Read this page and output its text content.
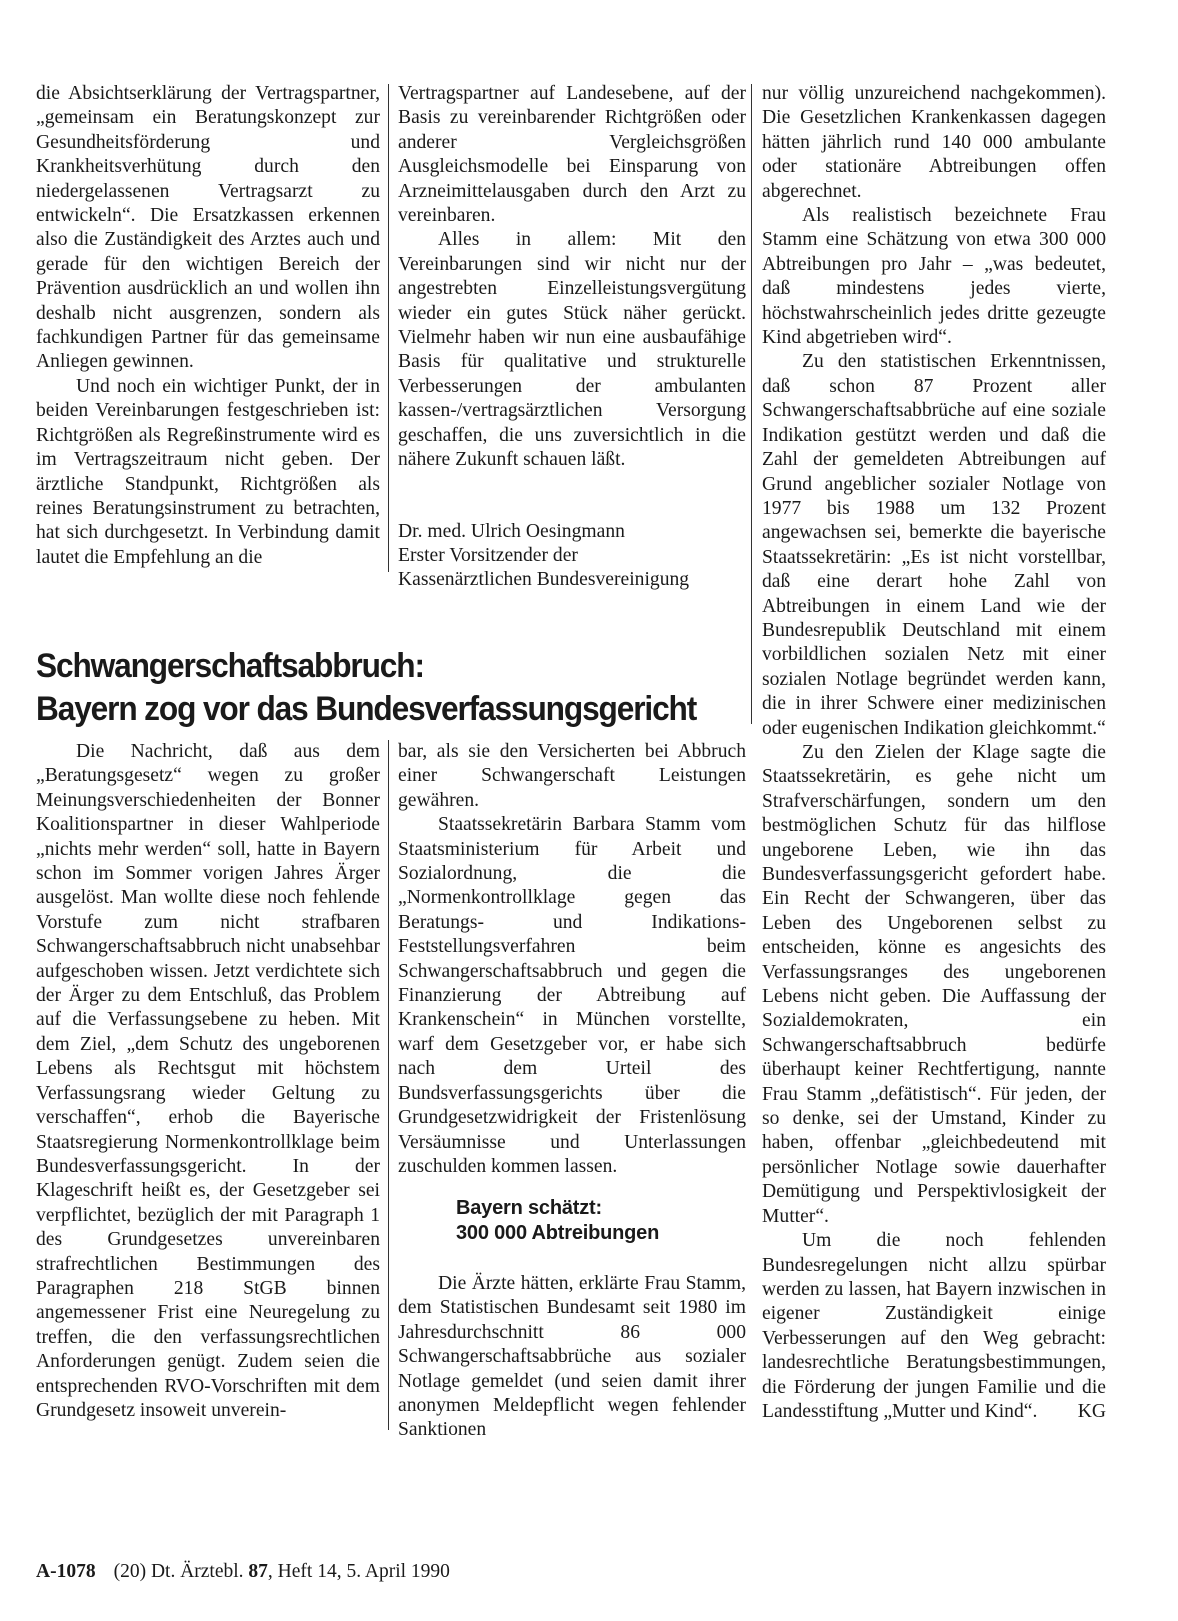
die Absichtserklärung der Vertragspartner, „gemeinsam ein Beratungskonzept zur Gesundheitsförderung und Krankheitsverhütung durch den niedergelassenen Vertragsarzt zu entwickeln“. Die Ersatzkassen erkennen also die Zuständigkeit des Arztes auch und gerade für den wichtigen Bereich der Prävention ausdrücklich an und wollen ihn deshalb nicht ausgrenzen, sondern als fachkundigen Partner für das gemeinsame Anliegen gewinnen.

Und noch ein wichtiger Punkt, der in beiden Vereinbarungen festgeschrieben ist: Richtgrößen als Regreßinstrumente wird es im Vertragszeitraum nicht geben. Der ärztliche Standpunkt, Richtgrößen als reines Beratungsinstrument zu betrachten, hat sich durchgesetzt. In Verbindung damit lautet die Empfehlung an die

Vertragspartner auf Landesebene, auf der Basis zu vereinbarender Richtgrößen oder anderer Vergleichsgrößen Ausgleichsmodelle bei Einsparung von Arzneimittelausgaben durch den Arzt zu vereinbaren.

Alles in allem: Mit den Vereinbarungen sind wir nicht nur der angestrebten Einzelleistungsvergütung wieder ein gutes Stück näher gerückt. Vielmehr haben wir nun eine ausbaufähige Basis für qualitative und strukturelle Verbesserungen der ambulanten kassen-/vertragsärztlichen Versorgung geschaffen, die uns zuversichtlich in die nähere Zukunft schauen läßt.

Dr. med. Ulrich Oesingmann
Erster Vorsitzender der
Kassenärztlichen Bundesvereinigung
Schwangerschaftsabbruch:
Bayern zog vor das Bundesverfassungsgericht

Die Nachricht, daß aus dem „Beratungsgesetz“ wegen zu großer Meinungsverschiedenheiten der Bonner Koalitionspartner in dieser Wahlperiode „nichts mehr werden“ soll, hatte in Bayern schon im Sommer vorigen Jahres Ärger ausgelöst. Man wollte diese noch fehlende Vorstufe zum nicht strafbaren Schwangerschaftsabbruch nicht unabsehbar aufgeschoben wissen. Jetzt verdichtete sich der Ärger zu dem Entschluß, das Problem auf die Verfassungsebene zu heben. Mit dem Ziel, „dem Schutz des ungeborenen Lebens als Rechtsgut mit höchstem Verfassungsrang wieder Geltung zu verschaffen“, erhob die Bayerische Staatsregierung Normenkontrollklage beim Bundesverfassungsgericht. In der Klageschrift heißt es, der Gesetzgeber sei verpflichtet, bezüglich der mit Paragraph 1 des Grundgesetzes unvereinbaren strafrechtlichen Bestimmungen des Paragraphen 218 StGB binnen angemessener Frist eine Neuregelung zu treffen, die den verfassungsrechtlichen Anforderungen genügt. Zudem seien die entsprechenden RVO-Vorschriften mit dem Grundgesetz insoweit unverein-

bar, als sie den Versicherten bei Abbruch einer Schwangerschaft Leistungen gewähren.

Staatssekretärin Barbara Stamm vom Staatsministerium für Arbeit und Sozialordnung, die die „Normenkontrollklage gegen das Beratungs- und Indikations-Feststellungsverfahren beim Schwangerschaftsabbruch und gegen die Finanzierung der Abtreibung auf Krankenschein“ in München vorstellte, warf dem Gesetzgeber vor, er habe sich nach dem Urteil des Bundsverfassungsgerichts über die Grundgesetzwidrigkeit der Fristenlösung Versäumnisse und Unterlassungen zuschulden kommen lassen.

Bayern schätzt:
300 000 Abtreibungen

Die Ärzte hätten, erklärte Frau Stamm, dem Statistischen Bundesamt seit 1980 im Jahresdurchschnitt 86 000 Schwangerschaftsabbrüche aus sozialer Notlage gemeldet (und seien damit ihrer anonymen Meldepflicht wegen fehlender Sanktionen

nur völlig unzureichend nachgekommen). Die Gesetzlichen Krankenkassen dagegen hätten jährlich rund 140 000 ambulante oder stationäre Abtreibungen offen abgerechnet.

Als realistisch bezeichnete Frau Stamm eine Schätzung von etwa 300 000 Abtreibungen pro Jahr – „was bedeutet, daß mindestens jedes vierte, höchstwahrscheinlich jedes dritte gezeugte Kind abgetrieben wird“.

Zu den statistischen Erkenntnissen, daß schon 87 Prozent aller Schwangerschaftsabbrüche auf eine soziale Indikation gestützt werden und daß die Zahl der gemeldeten Abtreibungen auf Grund angeblicher sozialer Notlage von 1977 bis 1988 um 132 Prozent angewachsen sei, bemerkte die bayerische Staatssekretärin: „Es ist nicht vorstellbar, daß eine derart hohe Zahl von Abtreibungen in einem Land wie der Bundesrepublik Deutschland mit einem vorbildlichen sozialen Netz mit einer sozialen Notlage begründet werden kann, die in ihrer Schwere einer medizinischen oder eugenischen Indikation gleichkommt.“

Zu den Zielen der Klage sagte die Staatssekretärin, es gehe nicht um Strafverschärfungen, sondern um den bestmöglichen Schutz für das hilflose ungeborene Leben, wie ihn das Bundesverfassungsgericht gefordert habe. Ein Recht der Schwangeren, über das Leben des Ungeborenen selbst zu entscheiden, könne es angesichts des Verfassungsranges des ungeborenen Lebens nicht geben. Die Auffassung der Sozialdemokraten, ein Schwangerschaftsabbruch bedürfe überhaupt keiner Rechtfertigung, nannte Frau Stamm „defätistisch“. Für jeden, der so denke, sei der Umstand, Kinder zu haben, offenbar „gleichbedeutend mit persönlicher Notlage sowie dauerhafter Demütigung und Perspektivlosigkeit der Mutter“.

Um die noch fehlenden Bundesregelungen nicht allzu spürbar werden zu lassen, hat Bayern inzwischen in eigener Zuständigkeit einige Verbesserungen auf den Weg gebracht: landesrechtliche Beratungsbestimmungen, die Förderung der jungen Familie und die Landesstiftung „Mutter und Kind“.	KG

A-1078 (20) Dt. Ärztebl. 87, Heft 14, 5. April 1990
